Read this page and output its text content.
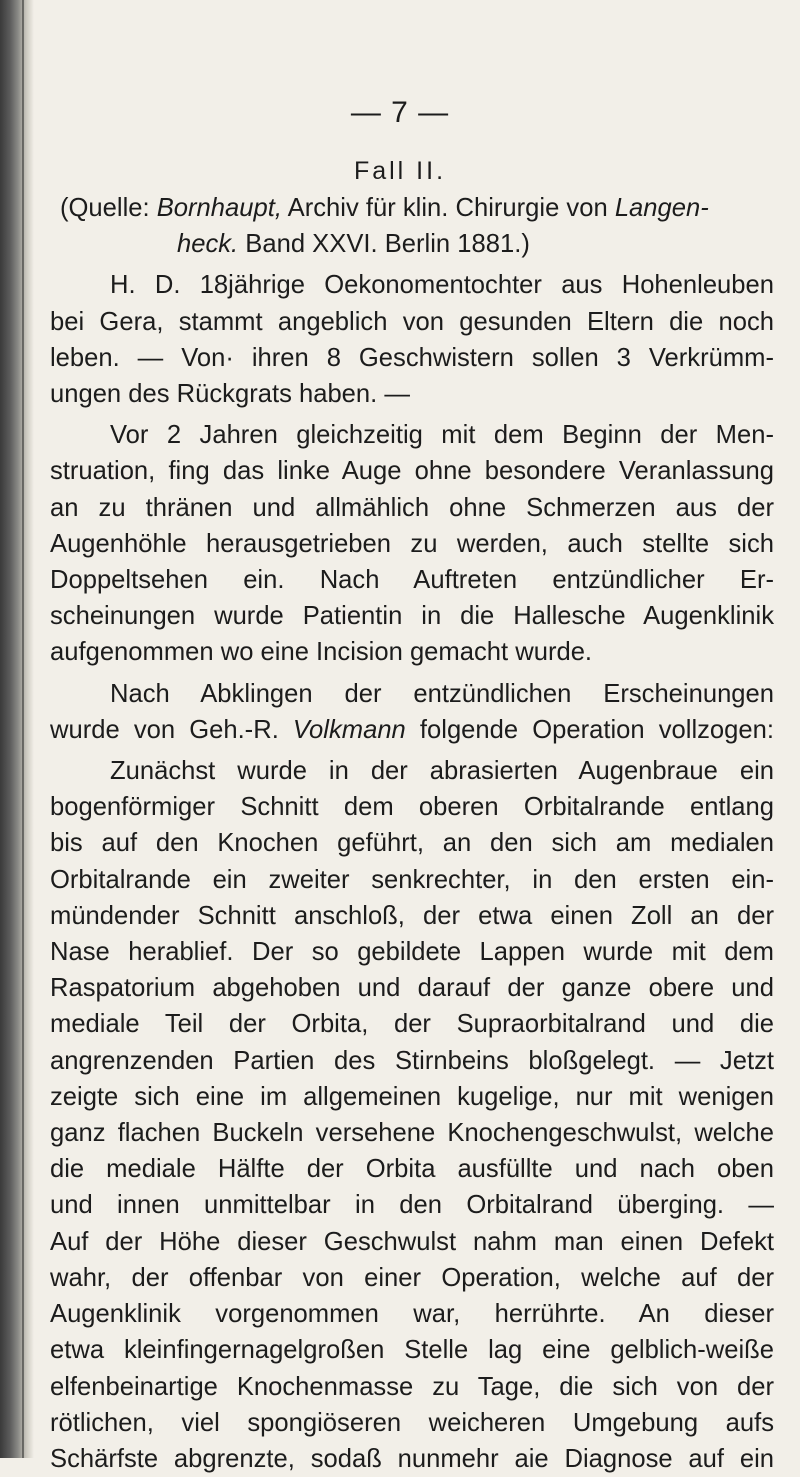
— 7 —
Fall II.
(Quelle: Bornhaupt, Archiv für klin. Chirurgie von Langen-
heck. Band XXVI. Berlin 1881.)
H. D. 18jährige Oekonomentochter aus Hohenleuben
bei Gera, stammt angeblich von gesunden Eltern die noch
leben. — Von· ihren 8 Geschwistern sollen 3 Verkrümm-
ungen des Rückgrats haben. —
Vor 2 Jahren gleichzeitig mit dem Beginn der Men-
struation, fing das linke Auge ohne besondere Veranlassung
an zu thränen und allmählich ohne Schmerzen aus der
Augenhöhle herausgetrieben zu werden, auch stellte sich
Doppeltsehen ein. Nach Auftreten entzündlicher Er-
scheinungen wurde Patientin in die Hallesche Augenklinik
aufgenommen wo eine Incision gemacht wurde.
Nach Abklingen der entzündlichen Erscheinungen
wurde von Geh.-R. Volkmann folgende Operation vollzogen:
Zunächst wurde in der abrasierten Augenbraue ein
bogenförmiger Schnitt dem oberen Orbitalrande entlang
bis auf den Knochen geführt, an den sich am medialen
Orbitalrande ein zweiter senkrechter, in den ersten ein-
mündender Schnitt anschloß, der etwa einen Zoll an der
Nase herablief. Der so gebildete Lappen wurde mit dem
Raspatorium abgehoben und darauf der ganze obere und
mediale Teil der Orbita, der Supraorbitalrand und die
angrenzenden Partien des Stirnbeins bloßgelegt. — Jetzt
zeigte sich eine im allgemeinen kugelige, nur mit wenigen
ganz flachen Buckeln versehene Knochengeschwulst, welche
die mediale Hälfte der Orbita ausfüllte und nach oben
und innen unmittelbar in den Orbitalrand überging. —
Auf der Höhe dieser Geschwulst nahm man einen Defekt
wahr, der offenbar von einer Operation, welche auf der
Augenklinik vorgenommen war, herrührte. An dieser
etwa kleinfingernagelgroßen Stelle lag eine gelblich-weiße
elfenbeinartige Knochenmasse zu Tage, die sich von der
rötlichen, viel spongiöseren weicheren Umgebung aufs
Schärfste abgrenzte, sodaß nunmehr aie Diagnose auf ein
